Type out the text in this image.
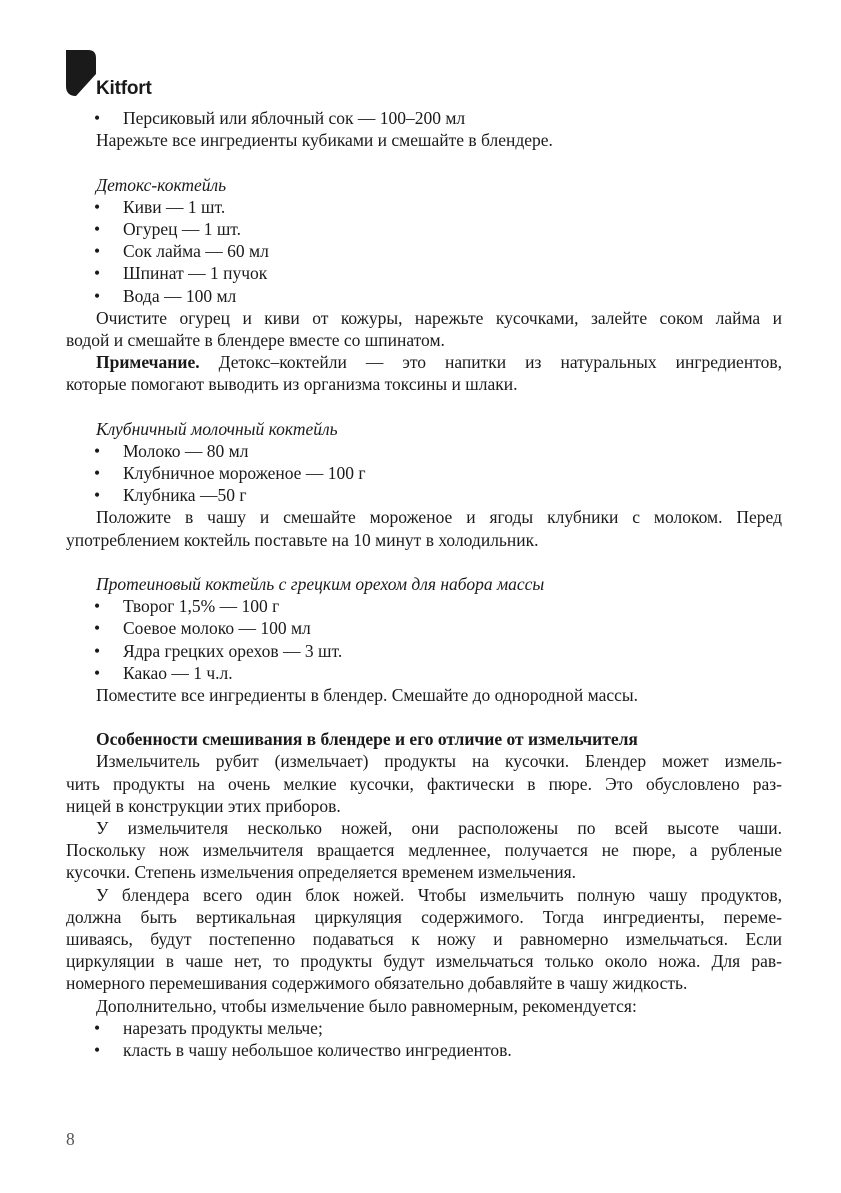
Kitfort
• Персиковый или яблочный сок — 100–200 мл
Нарежьте все ингредиенты кубиками и смешайте в блендере.
Детокс-коктейль
• Киви — 1 шт.
• Огурец — 1 шт.
• Сок лайма — 60 мл
• Шпинат — 1 пучок
• Вода — 100 мл
Очистите огурец и киви от кожуры, нарежьте кусочками, залейте соком лайма и
водой и смешайте в блендере вместе со шпинатом.
Примечание. Детокс–коктейли — это напитки из натуральных ингредиентов,
которые помогают выводить из организма токсины и шлаки.
Клубничный молочный коктейль
• Молоко — 80 мл
• Клубничное мороженое — 100 г
• Клубника —50 г
Положите в чашу и смешайте мороженое и ягоды клубники с молоком. Перед
употреблением коктейль поставьте на 10 минут в холодильник.
Протеиновый коктейль с грецким орехом для набора массы
• Творог 1,5% — 100 г
• Соевое молоко — 100 мл
• Ядра грецких орехов — 3 шт.
• Какао — 1 ч.л.
Поместите все ингредиенты в блендер. Смешайте до однородной массы.
Особенности смешивания в блендере и его отличие от измельчителя
Измельчитель рубит (измельчает) продукты на кусочки. Блендер может измель-
чить продукты на очень мелкие кусочки, фактически в пюре. Это обусловлено раз-
ницей в конструкции этих приборов.
У измельчителя несколько ножей, они расположены по всей высоте чаши.
Поскольку нож измельчителя вращается медленнее, получается не пюре, а рубленые
кусочки. Степень измельчения определяется временем измельчения.
У блендера всего один блок ножей. Чтобы измельчить полную чашу продуктов,
должна быть вертикальная циркуляция содержимого. Тогда ингредиенты, переме-
шиваясь, будут постепенно подаваться к ножу и равномерно измельчаться. Если
циркуляции в чаше нет, то продукты будут измельчаться только около ножа. Для рав-
номерного перемешивания содержимого обязательно добавляйте в чашу жидкость.
Дополнительно, чтобы измельчение было равномерным, рекомендуется:
• нарезать продукты мельче;
• класть в чашу небольшое количество ингредиентов.
8
